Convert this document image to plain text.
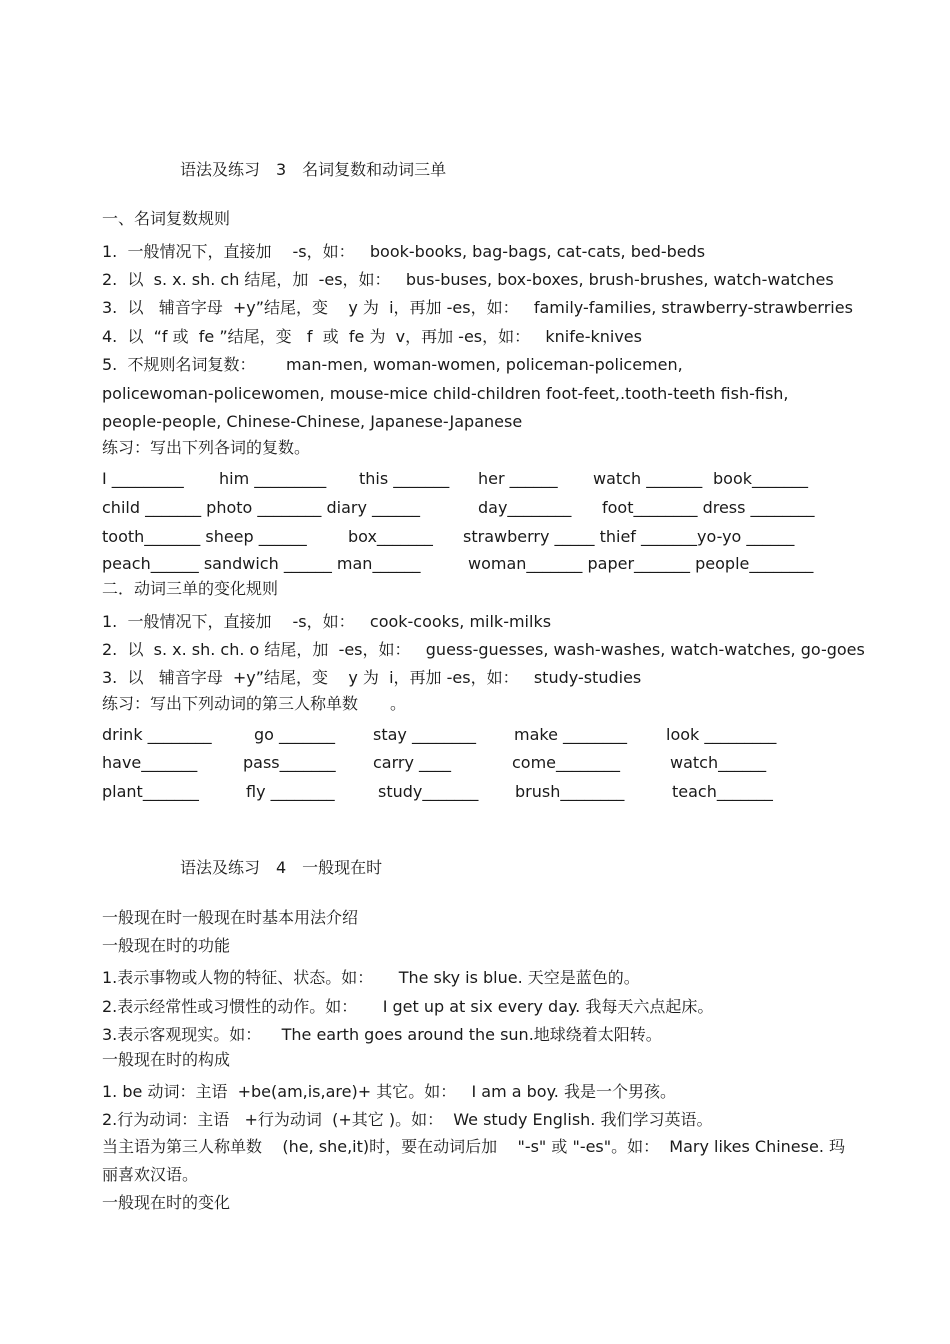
语法及练习　3　名词复数和动词三单
一、名词复数规则
1.  一般情况下，直接加　 -s，如：   book-books, bag-bags, cat-cats, bed-beds
2.  以  s. x. sh. ch 结尾，加  -es，如：   bus-buses, box-boxes, brush-brushes, watch-watches
3.  以   辅音字母  +y”结尾，变    y 为  i，再加 -es，如：   family-families, strawberry-strawberries
4.  以  “f 或  fe ”结尾，变   f  或  fe 为  v，再加 -es，如：   knife-knives
5.  不规则名词复数：      man-men, woman-women, policeman-policemen,
policewoman-policewomen, mouse-mice child-children foot-feet,.tooth-teeth fish-fish,
people-people, Chinese-Chinese, Japanese-Japanese
练习：写出下列各词的复数。
I _________ him _________ this _______ her ______ watch _______ book_______
child _______ photo ________ diary ______	day________ foot________ dress ________
tooth_______ sheep ______	box_______ strawberry _____ thief _______yo-yo ______
peach______ sandwich ______ man______	woman_______ paper_______ people________
二．动词三单的变化规则
1.  一般情况下，直接加　 -s，如：   cook-cooks, milk-milks
2.  以  s. x. sh. ch. o 结尾，加  -es，如：   guess-guesses, wash-washes, watch-watches, go-goes
3.  以   辅音字母  +y”结尾，变    y 为  i，再加 -es，如：   study-studies
练习：写出下列动词的第三人称单数　　。
drink ________	go _______ stay ________ make ________ look _________
have_______	pass_______ carry ____	come________	watch______
plant_______	fly ________	study_______ brush________	teach_______
语法及练习　4　一般现在时
一般现在时一般现在时基本用法介绍
一般现在时的功能
1.表示事物或人物的特征、状态。如：     The sky is blue. 天空是蓝色的。
2.表示经常性或习惯性的动作。如：     I get up at six every day. 我每天六点起床。
3.表示客观现实。如：    The earth goes around the sun.地球绕着太阳转。
一般现在时的构成
1. be 动词：主语  +be(am,is,are)+ 其它。如：   I am a boy. 我是一个男孩。
2.行为动词：主语   +行为动词  (+其它 )。如：  We study English. 我们学习英语。
当主语为第三人称单数    (he, she,it)时，要在动词后加    "-s" 或 "-es"。如：  Mary likes Chinese. 玛
丽喜欢汉语。
一般现在时的变化
